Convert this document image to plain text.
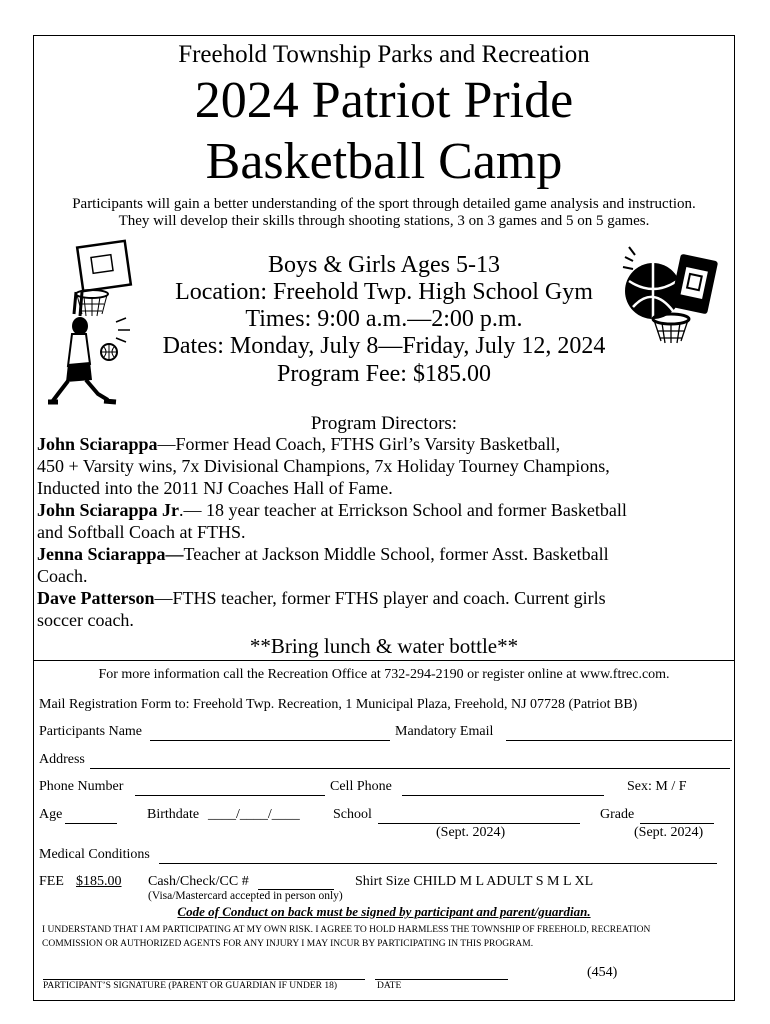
Freehold Township Parks and Recreation
2024 Patriot Pride
Basketball Camp
Participants will gain a better understanding of the sport through detailed game analysis and instruction.
They will develop their skills through shooting stations, 3 on 3 games and 5 on 5 games.
Boys & Girls Ages 5-13
Location: Freehold Twp. High School Gym
Times: 9:00 a.m.—2:00 p.m.
Dates: Monday, July 8—Friday, July 12, 2024
Program Fee: $185.00
Program Directors:
John Sciarappa—Former Head Coach, FTHS Girl’s Varsity Basketball,
450 + Varsity wins, 7x Divisional Champions, 7x Holiday Tourney Champions,
Inducted into the 2011 NJ Coaches Hall of Fame.
John Sciarappa Jr.— 18 year teacher at Errickson School and former Basketball
and Softball Coach at FTHS.
Jenna Sciarappa—Teacher at Jackson Middle School, former Asst. Basketball
Coach.
Dave Patterson—FTHS teacher, former FTHS player and coach. Current girls
soccer coach.
**Bring lunch & water bottle**
For more information call the Recreation Office at 732-294-2190 or register online at www.ftrec.com.
Mail Registration Form to: Freehold Twp. Recreation, 1 Municipal Plaza, Freehold, NJ 07728 (Patriot BB)
Participants Name	Mandatory Email
Address
Phone Number	Cell Phone	Sex: M / F
Age	Birthdate ____/____/____ School	Grade
(Sept. 2024)	(Sept. 2024)
Medical Conditions
FEE $185.00 Cash/Check/CC #
(Visa/Mastercard accepted in person only)
Shirt Size CHILD M L ADULT S M L XL
Code of Conduct on back must be signed by participant and parent/guardian.
I UNDERSTAND THAT I AM PARTICIPATING AT MY OWN RISK. I AGREE TO HOLD HARMLESS THE TOWNSHIP OF FREEHOLD, RECREATION
COMMISSION OR AUTHORIZED AGENTS FOR ANY INJURY I MAY INCUR BY PARTICIPATING IN THIS PROGRAM.
PARTICIPANT’S SIGNATURE (PARENT OR GUARDIAN IF UNDER 18)	DATE
(454)
